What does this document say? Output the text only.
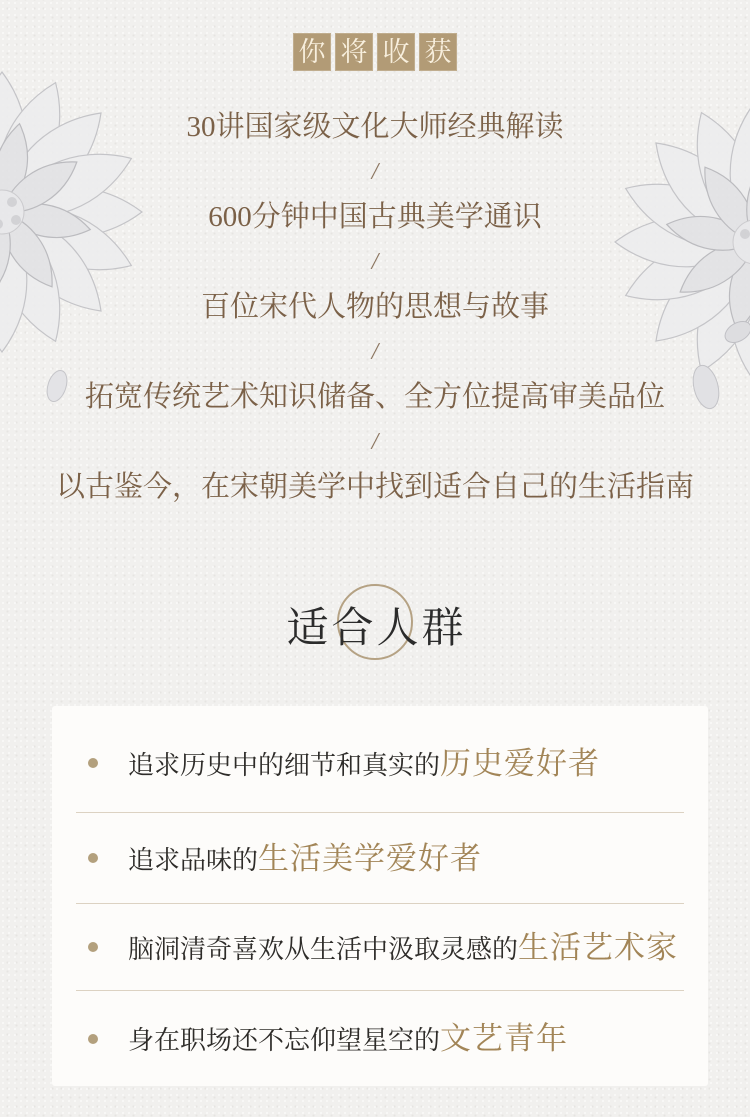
你 将 收 获
30讲国家级文化大师经典解读
/
600分钟中国古典美学通识
/
百位宋代人物的思想与故事
/
拓宽传统艺术知识储备、全方位提高审美品位
/
以古鉴今，在宋朝美学中找到适合自己的生活指南
适合人群

追求历史中的细节和真实的历史爱好者

追求品味的生活美学爱好者

脑洞清奇喜欢从生活中汲取灵感的生活艺术家

身在职场还不忘仰望星空的文艺青年
